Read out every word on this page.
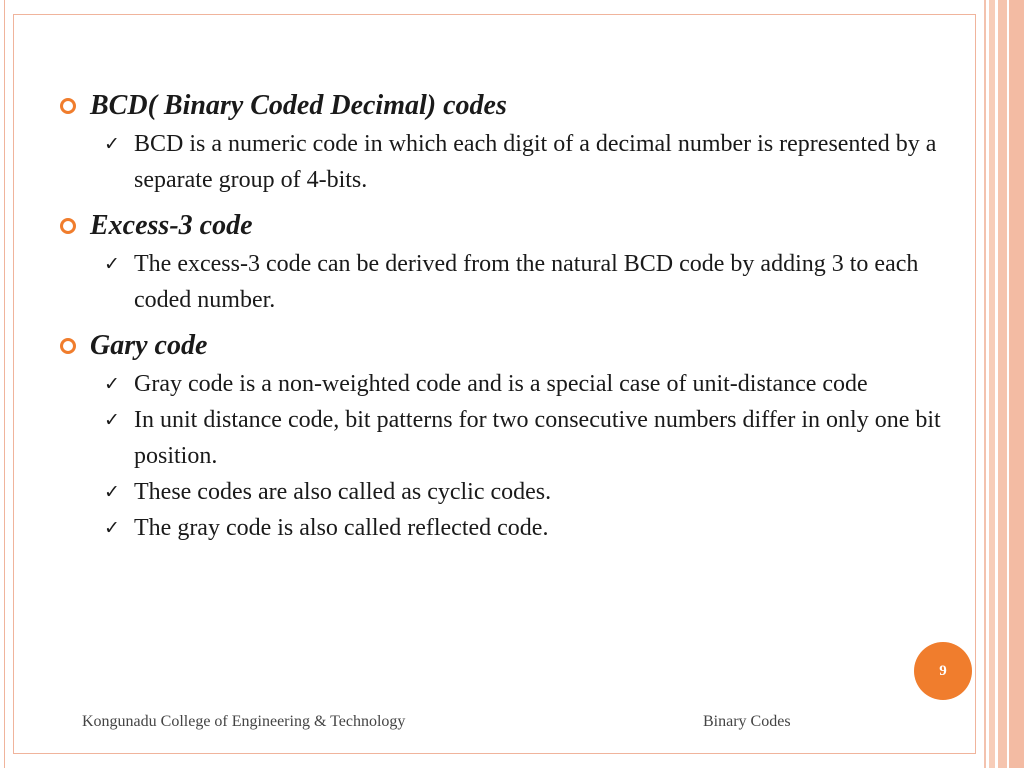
BCD( Binary Coded Decimal) codes
✓ BCD is a numeric code in which each digit of a decimal number is represented by a separate group of 4-bits.
Excess-3 code
✓ The excess-3 code can be derived from the natural BCD code by adding 3 to each coded number.
Gary code
✓ Gray code is a non-weighted code and is a special case of unit-distance code
✓ In unit distance code, bit patterns for two consecutive numbers differ in only one bit position.
✓ These codes are also called as cyclic codes.
✓ The gray code is also called reflected code.
9
Kongunadu College of Engineering & Technology	Binary Codes
